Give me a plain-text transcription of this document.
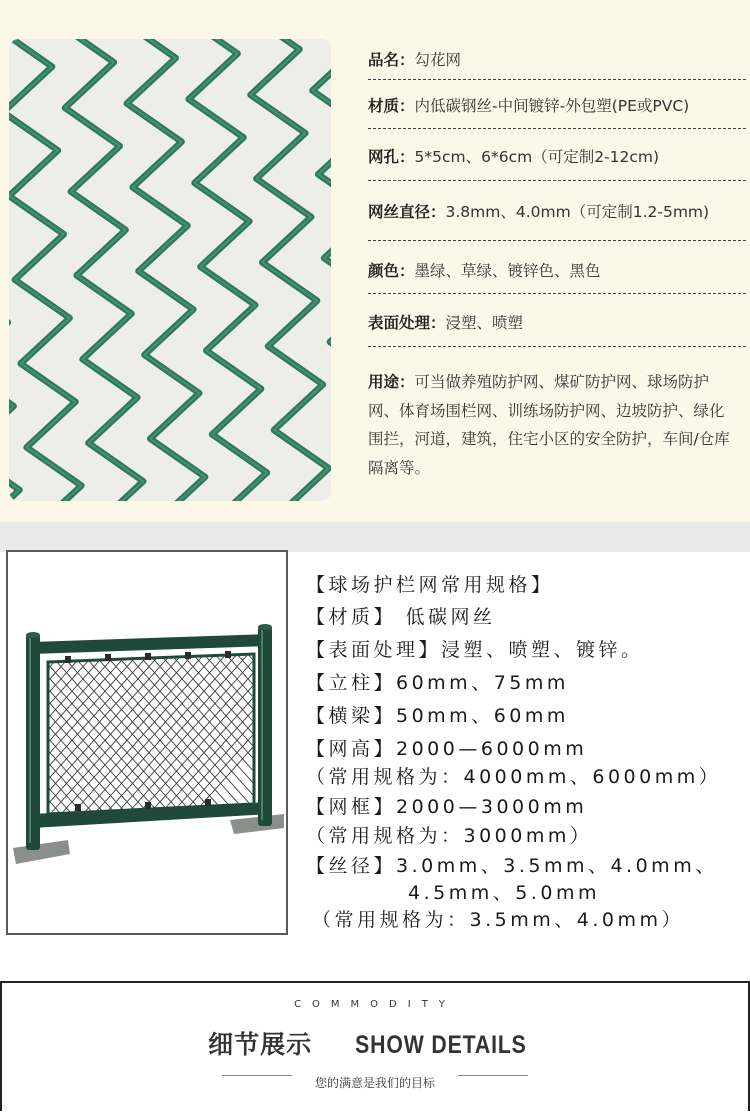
品名：勾花网
材质：内低碳钢丝-中间镀锌-外包塑(PE或PVC)
网孔：5*5cm、6*6cm（可定制2-12cm)
网丝直径：3.8mm、4.0mm（可定制1.2-5mm)
颜色：墨绿、草绿、镀锌色、黑色
表面处理：浸塑、喷塑
用途：可当做养殖防护网、煤矿防护网、球场防护网、体育场围栏网、训练场防护网、边坡防护、绿化围拦，河道，建筑，住宅小区的安全防护，车间/仓库隔离等。
【球场护栏网常用规格】
【材质】 低碳网丝
【表面处理】浸塑、喷塑、镀锌。
【立柱】60mm、75mm
【横梁】50mm、60mm
【网高】2000—6000mm
（常用规格为：4000mm、6000mm）
【网框】2000—3000mm
（常用规格为：3000mm）
【丝径】3.0mm、3.5mm、4.0mm、
4.5mm、5.0mm
（常用规格为：3.5mm、4.0mm）
COMMODITY
细节展示 SHOW DETAILS
您的满意是我们的目标
